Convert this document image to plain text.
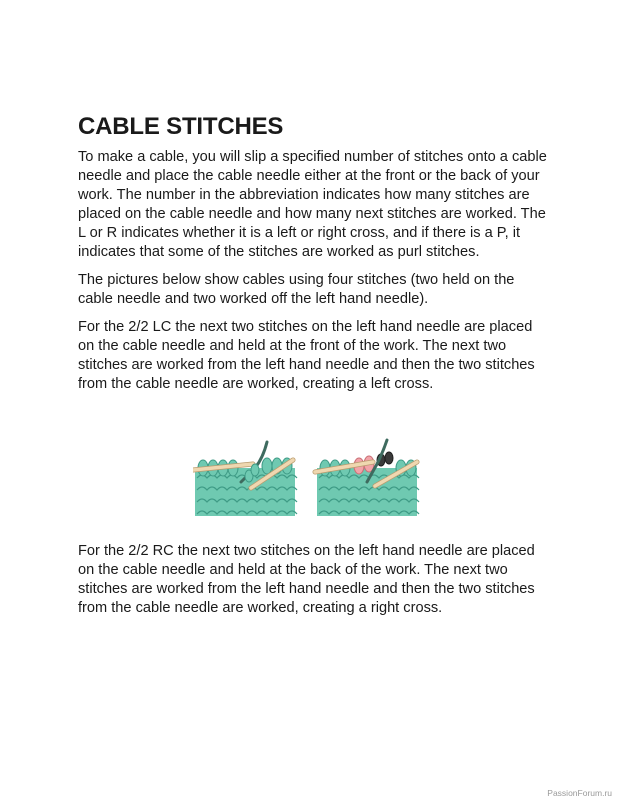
CABLE STITCHES

To make a cable, you will slip a specified number of stitches onto a cable needle and place the cable needle either at the front or the back of your work. The number in the abbreviation indicates how many stitches are placed on the cable needle and how many next stitches are worked. The L or R indicates whether it is a left or right cross, and if there is a P, it indicates that some of the stitches are worked as purl stitches.

The pictures below show cables using four stitches (two held on the cable needle and two worked off the left hand needle).

For the 2/2 LC the next two stitches on the left hand needle are placed on the cable needle and held at the front of the work. The next two stitches are worked from the left hand needle and then the two stitches from the cable needle are worked, creating a left cross.

For the 2/2 RC the next two stitches on the left hand needle are placed on the cable needle and held at the back of the work. The next two stitches are worked from the left hand needle and then the two stitches from the cable needle are worked, creating a right cross.

PassionForum.ru
